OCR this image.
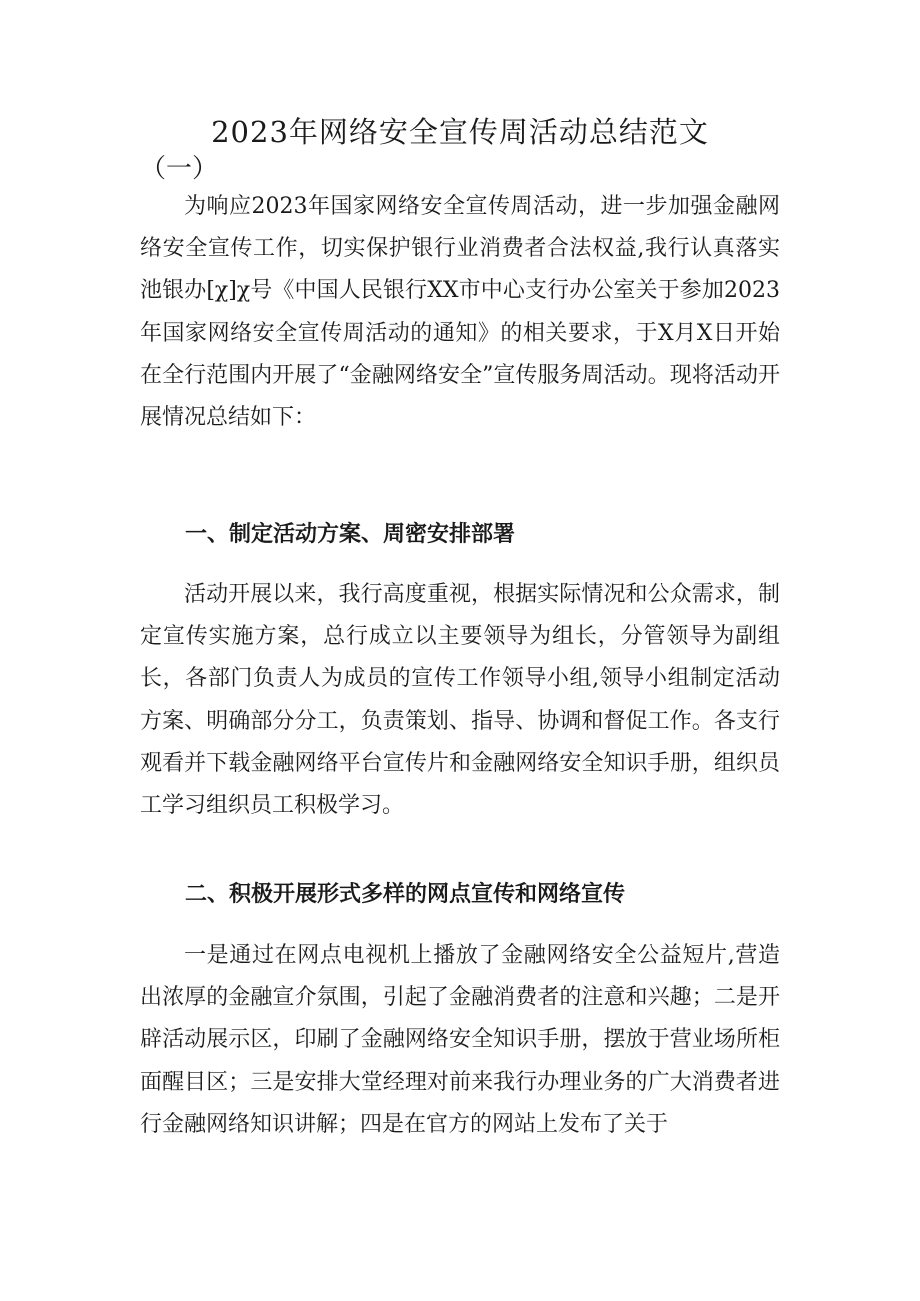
2023年网络安全宣传周活动总结范文
（一）

为响应2023年国家网络安全宣传周活动，进一步加强金融网络安全宣传工作，切实保护银行业消费者合法权益,我行认真落实池银办[χ]χ号《中国人民银行XX市中心支行办公室关于参加2023年国家网络安全宣传周活动的通知》的相关要求，于X月X日开始在全行范围内开展了“金融网络安全”宣传服务周活动。现将活动开展情况总结如下：

一、制定活动方案、周密安排部署

活动开展以来，我行高度重视，根据实际情况和公众需求，制定宣传实施方案，总行成立以主要领导为组长，分管领导为副组长，各部门负责人为成员的宣传工作领导小组,领导小组制定活动方案、明确部分分工，负责策划、指导、协调和督促工作。各支行观看并下载金融网络平台宣传片和金融网络安全知识手册，组织员工学习组织员工积极学习。

二、积极开展形式多样的网点宣传和网络宣传

一是通过在网点电视机上播放了金融网络安全公益短片,营造出浓厚的金融宣介氛围，引起了金融消费者的注意和兴趣；二是开辟活动展示区，印刷了金融网络安全知识手册，摆放于营业场所柜面醒目区；三是安排大堂经理对前来我行办理业务的广大消费者进行金融网络知识讲解；四是在官方的网站上发布了关于
